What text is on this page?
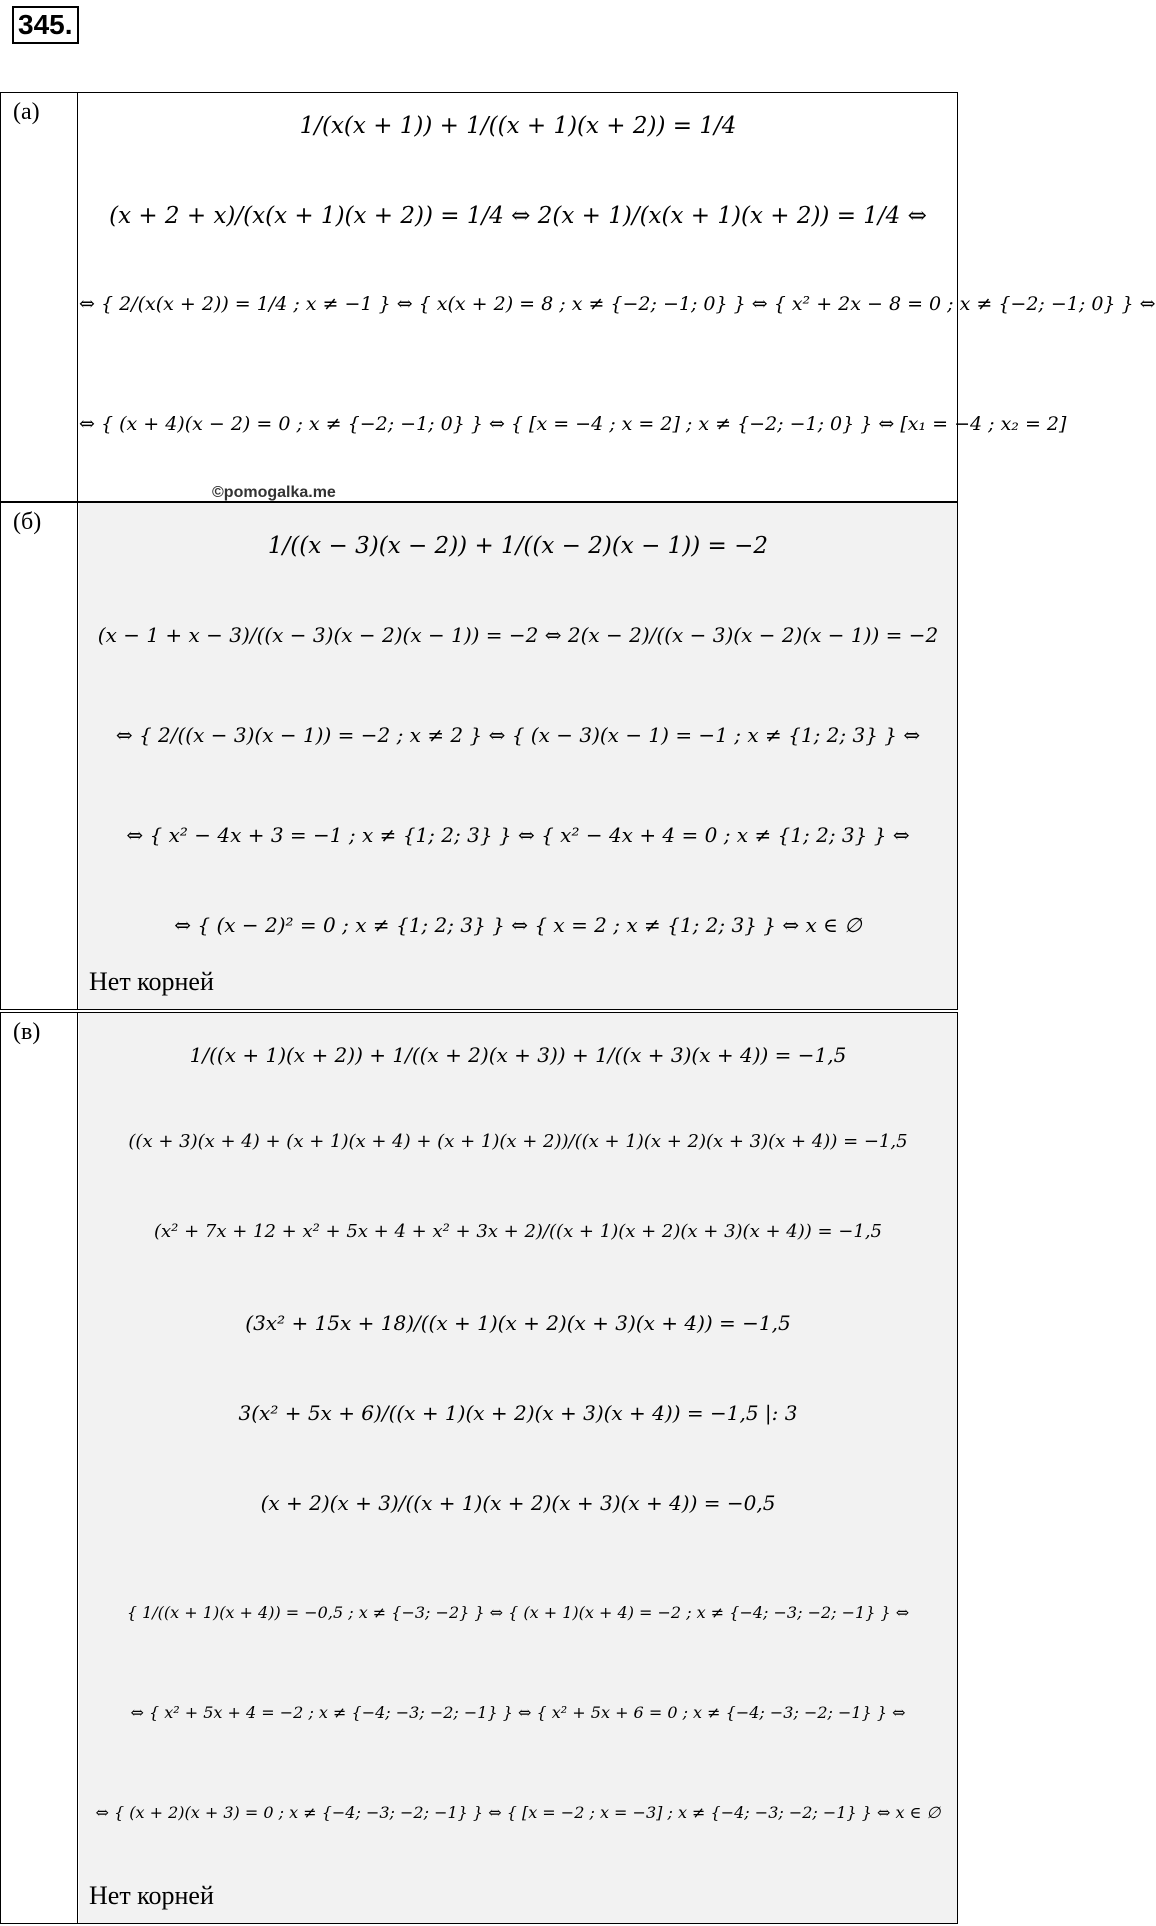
345.
(а)
1/(x(x + 1)) + 1/((x + 1)(x + 2)) = 1/4
(x + 2 + x)/(x(x + 1)(x + 2)) = 1/4 ⇔ 2(x + 1)/(x(x + 1)(x + 2)) = 1/4 ⇔
⇔ { 2/(x(x + 2)) = 1/4 ; x ≠ −1 } ⇔ { x(x + 2) = 8 ; x ≠ {−2; −1; 0} } ⇔ { x² + 2x − 8 = 0 ; x ≠ {−2; −1; 0} } ⇔
⇔ { (x + 4)(x − 2) = 0 ; x ≠ {−2; −1; 0} } ⇔ { [x = −4 ; x = 2] ; x ≠ {−2; −1; 0} } ⇔ [x₁ = −4 ; x₂ = 2]
©pomogalka.me
(б)
1/((x − 3)(x − 2)) + 1/((x − 2)(x − 1)) = −2
(x − 1 + x − 3)/((x − 3)(x − 2)(x − 1)) = −2 ⇔ 2(x − 2)/((x − 3)(x − 2)(x − 1)) = −2
⇔ { 2/((x − 3)(x − 1)) = −2 ; x ≠ 2 } ⇔ { (x − 3)(x − 1) = −1 ; x ≠ {1; 2; 3} } ⇔
⇔ { x² − 4x + 3 = −1 ; x ≠ {1; 2; 3} } ⇔ { x² − 4x + 4 = 0 ; x ≠ {1; 2; 3} } ⇔
⇔ { (x − 2)² = 0 ; x ≠ {1; 2; 3} } ⇔ { x = 2 ; x ≠ {1; 2; 3} } ⇔ x ∈ ∅
Нет корней
(в)
1/((x + 1)(x + 2)) + 1/((x + 2)(x + 3)) + 1/((x + 3)(x + 4)) = −1,5
((x + 3)(x + 4) + (x + 1)(x + 4) + (x + 1)(x + 2))/((x + 1)(x + 2)(x + 3)(x + 4)) = −1,5
(x² + 7x + 12 + x² + 5x + 4 + x² + 3x + 2)/((x + 1)(x + 2)(x + 3)(x + 4)) = −1,5
(3x² + 15x + 18)/((x + 1)(x + 2)(x + 3)(x + 4)) = −1,5
3(x² + 5x + 6)/((x + 1)(x + 2)(x + 3)(x + 4)) = −1,5 |: 3
(x + 2)(x + 3)/((x + 1)(x + 2)(x + 3)(x + 4)) = −0,5
{ 1/((x + 1)(x + 4)) = −0,5 ; x ≠ {−3; −2} } ⇔ { (x + 1)(x + 4) = −2 ; x ≠ {−4; −3; −2; −1} } ⇔
⇔ { x² + 5x + 4 = −2 ; x ≠ {−4; −3; −2; −1} } ⇔ { x² + 5x + 6 = 0 ; x ≠ {−4; −3; −2; −1} } ⇔
⇔ { (x + 2)(x + 3) = 0 ; x ≠ {−4; −3; −2; −1} } ⇔ { [x = −2 ; x = −3] ; x ≠ {−4; −3; −2; −1} } ⇔ x ∈ ∅
Нет корней
